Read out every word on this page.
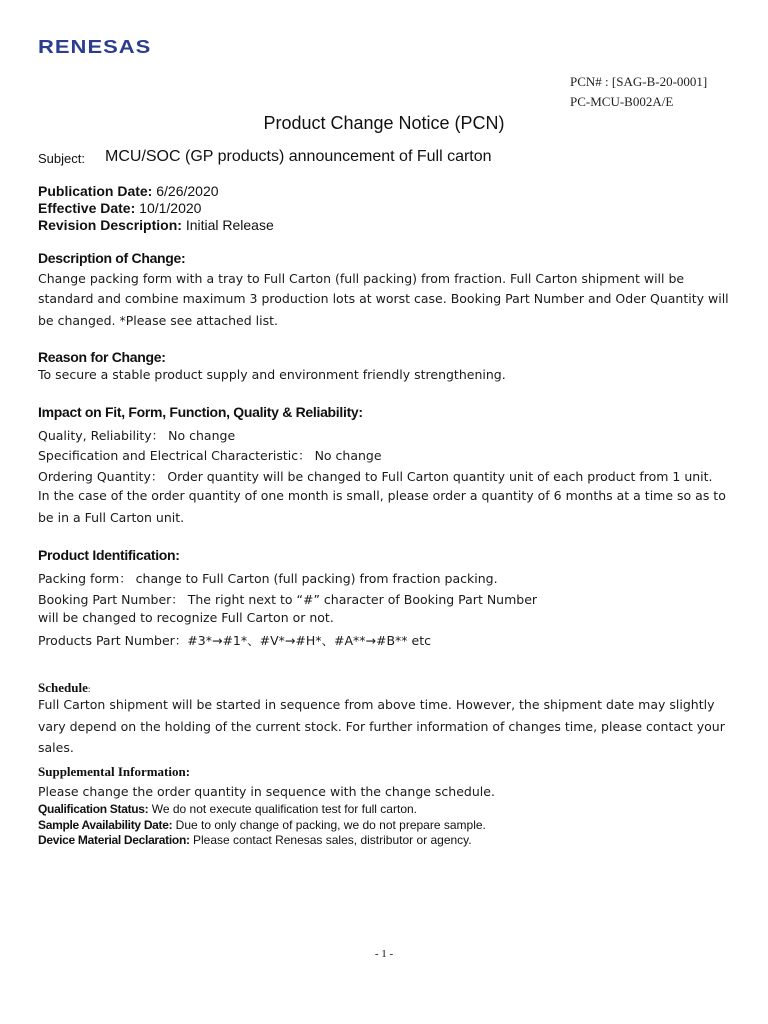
RENESAS
PCN# : [SAG-B-20-0001]
PC-MCU-B002A/E
Product Change Notice (PCN)
Subject: MCU/SOC (GP products) announcement of Full carton
Publication Date: 6/26/2020
Effective Date: 10/1/2020
Revision Description: Initial Release
Description of Change:
Change packing form with a tray to Full Carton (full packing) from fraction. Full Carton shipment will be
standard and combine maximum 3 production lots at worst case. Booking Part Number and Oder Quantity will
be changed. *Please see attached list.
Reason for Change:
To secure a stable product supply and environment friendly strengthening.
Impact on Fit, Form, Function, Quality & Reliability:
Quality, Reliability： No change
Specification and Electrical Characteristic： No change
Ordering Quantity： Order quantity will be changed to Full Carton quantity unit of each product from 1 unit.
In the case of the order quantity of one month is small, please order a quantity of 6 months at a time so as to
be in a Full Carton unit.
Product Identification:
Packing form： change to Full Carton (full packing) from fraction packing.
Booking Part Number： The right next to “#” character of Booking Part Number
will be changed to recognize Full Carton or not.
Products Part Number：#3*→#1*、#V*→#H*、#A**→#B** etc
Schedule:
Full Carton shipment will be started in sequence from above time. However, the shipment date may slightly
vary depend on the holding of the current stock. For further information of changes time, please contact your
sales.
Supplemental Information:
Please change the order quantity in sequence with the change schedule.
Qualification Status: We do not execute qualification test for full carton.
Sample Availability Date: Due to only change of packing, we do not prepare sample.
Device Material Declaration: Please contact Renesas sales, distributor or agency.
- 1 -
